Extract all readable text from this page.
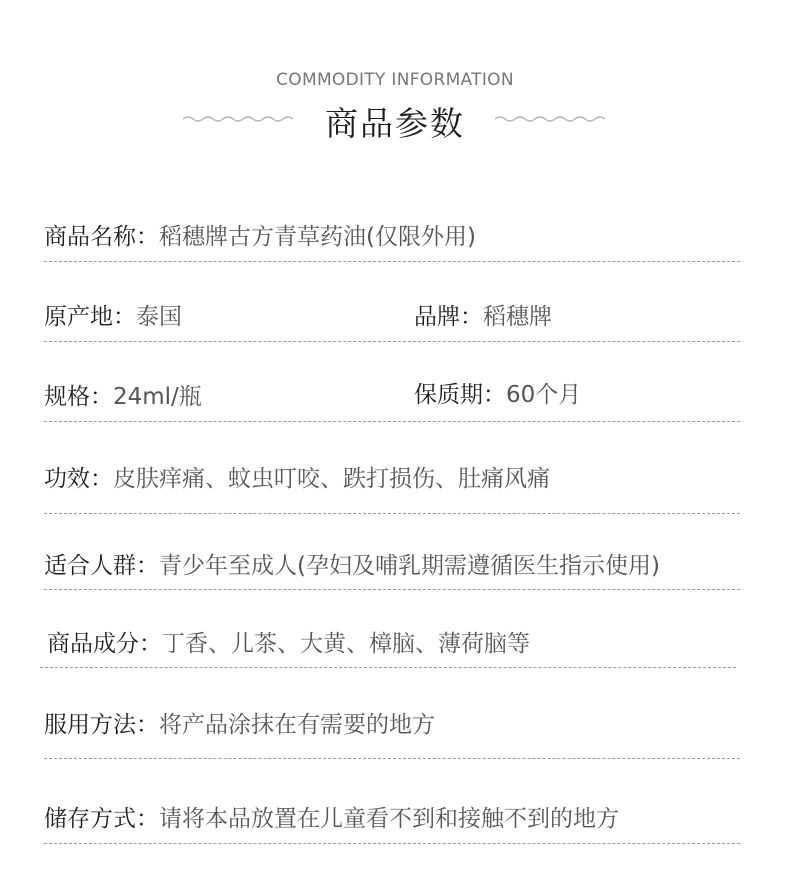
COMMODITY INFORMATION
商品参数
商品名称：稻穗牌古方青草药油(仅限外用)
原产地：泰国	品牌：稻穗牌
规格：24ml/瓶	保质期：60个月
功效：皮肤痒痛、蚊虫叮咬、跌打损伤、肚痛风痛
适合人群：青少年至成人(孕妇及哺乳期需遵循医生指示使用)
商品成分：丁香、儿茶、大黄、樟脑、薄荷脑等
服用方法：将产品涂抹在有需要的地方
储存方式：请将本品放置在儿童看不到和接触不到的地方
